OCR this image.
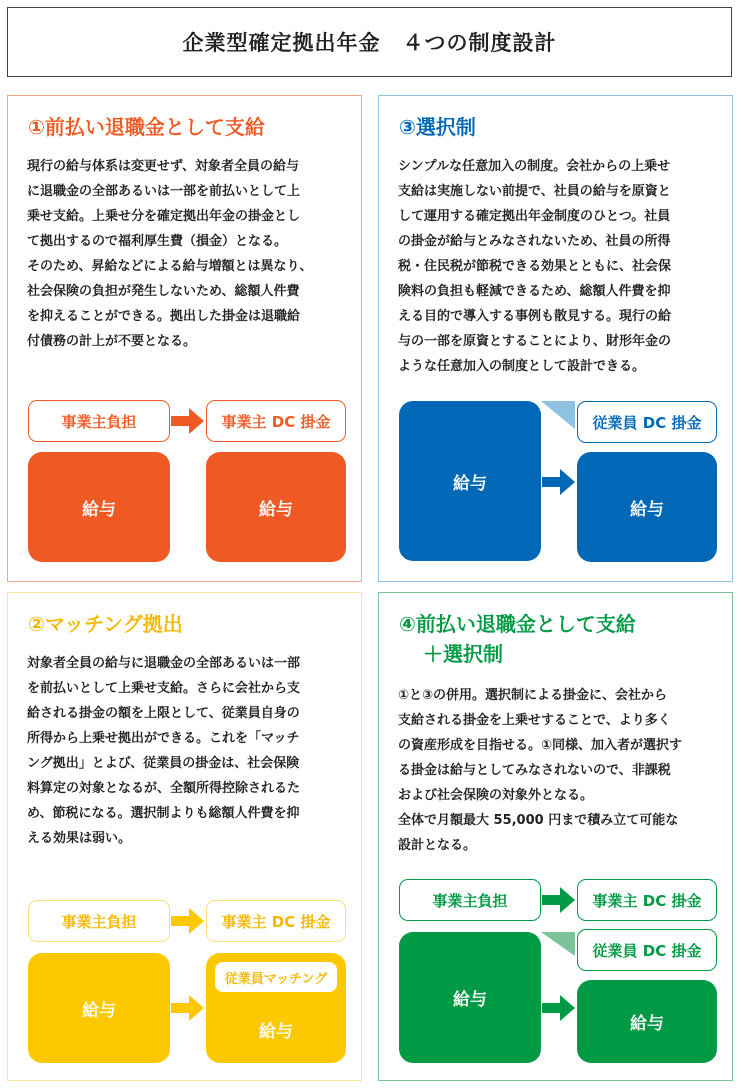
企業型確定拠出年金　４つの制度設計
①前払い退職金として支給
現行の給与体系は変更せず、対象者全員の給与
に退職金の全部あるいは一部を前払いとして上
乗せ支給。上乗せ分を確定拠出年金の掛金とし
て拠出するので福利厚生費（損金）となる。
そのため、昇給などによる給与増額とは異なり、
社会保険の負担が発生しないため、総額人件費
を抑えることができる。拠出した掛金は退職給
付債務の計上が不要となる。
事業主負担	事業主 DC 掛金
給与	給与
③選択制
シンプルな任意加入の制度。会社からの上乗せ
支給は実施しない前提で、社員の給与を原資と
して運用する確定拠出年金制度のひとつ。社員
の掛金が給与とみなされないため、社員の所得
税・住民税が節税できる効果とともに、社会保
険料の負担も軽減できるため、総額人件費を抑
える目的で導入する事例も散見する。現行の給
与の一部を原資とすることにより、財形年金の
ような任意加入の制度として設計できる。
給与
従業員 DC 掛金
給与
②マッチング拠出
対象者全員の給与に退職金の全部あるいは一部
を前払いとして上乗せ支給。さらに会社から支
給される掛金の額を上限として、従業員自身の
所得から上乗せ拠出ができる。これを「マッチ
ング拠出」とよび、従業員の掛金は、社会保険
料算定の対象となるが、全額所得控除されるた
め、節税になる。選択制よりも総額人件費を抑
える効果は弱い。
事業主負担	事業主 DC 掛金
給与
従業員マッチング
給与
④前払い退職金として支給
＋選択制
①と③の併用。選択制による掛金に、会社から
支給される掛金を上乗せすることで、より多く
の資産形成を目指せる。①同様、加入者が選択す
る掛金は給与としてみなされないので、非課税
および社会保険の対象外となる。
全体で月額最大 55,000 円まで積み立て可能な
設計となる。
事業主負担	事業主 DC 掛金
給与
従業員 DC 掛金
給与
